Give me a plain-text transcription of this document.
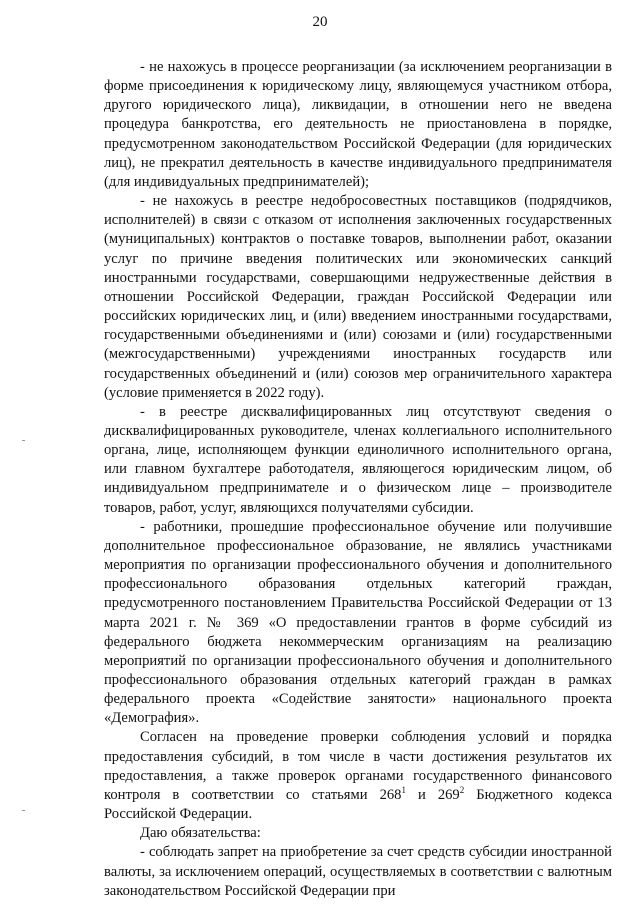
20

- не нахожусь в процессе реорганизации (за исключением реорганизации в форме присоединения к юридическому лицу, являющемуся участником отбора, другого юридического лица), ликвидации, в отношении него не введена процедура банкротства, его деятельность не приостановлена в порядке, предусмотренном законодательством Российской Федерации (для юридических лиц), не прекратил деятельность в качестве индивидуального предпринимателя (для индивидуальных предпринимателей);

- не нахожусь в реестре недобросовестных поставщиков (подрядчиков, исполнителей) в связи с отказом от исполнения заключенных государственных (муниципальных) контрактов о поставке товаров, выполнении работ, оказании услуг по причине введения политических или экономических санкций иностранными государствами, совершающими недружественные действия в отношении Российской Федерации, граждан Российской Федерации или российских юридических лиц, и (или) введением иностранными государствами, государственными объединениями и (или) союзами и (или) государственными (межгосударственными) учреждениями иностранных государств или государственных объединений и (или) союзов мер ограничительного характера (условие применяется в 2022 году).

- в реестре дисквалифицированных лиц отсутствуют сведения о дисквалифицированных руководителе, членах коллегиального исполнительного органа, лице, исполняющем функции единоличного исполнительного органа, или главном бухгалтере работодателя, являющегося юридическим лицом, об индивидуальном предпринимателе и о физическом лице – производителе товаров, работ, услуг, являющихся получателями субсидии.

- работники, прошедшие профессиональное обучение или получившие дополнительное профессиональное образование, не являлись участниками мероприятия по организации профессионального обучения и дополнительного профессионального образования отдельных категорий граждан, предусмотренного постановлением Правительства Российской Федерации от 13 марта 2021 г. № 369 «О предоставлении грантов в форме субсидий из федерального бюджета некоммерческим организациям на реализацию мероприятий по организации профессионального обучения и дополнительного профессионального образования отдельных категорий граждан в рамках федерального проекта «Содействие занятости» национального проекта «Демография».

Согласен на проведение проверки соблюдения условий и порядка предоставления субсидий, в том числе в части достижения результатов их предоставления, а также проверок органами государственного финансового контроля в соответствии со статьями $268^1$ и $269^2$ Бюджетного кодекса Российской Федерации.

Даю обязательства:

- соблюдать запрет на приобретение за счет средств субсидии иностранной валюты, за исключением операций, осуществляемых в соответствии с валютным законодательством Российской Федерации при
